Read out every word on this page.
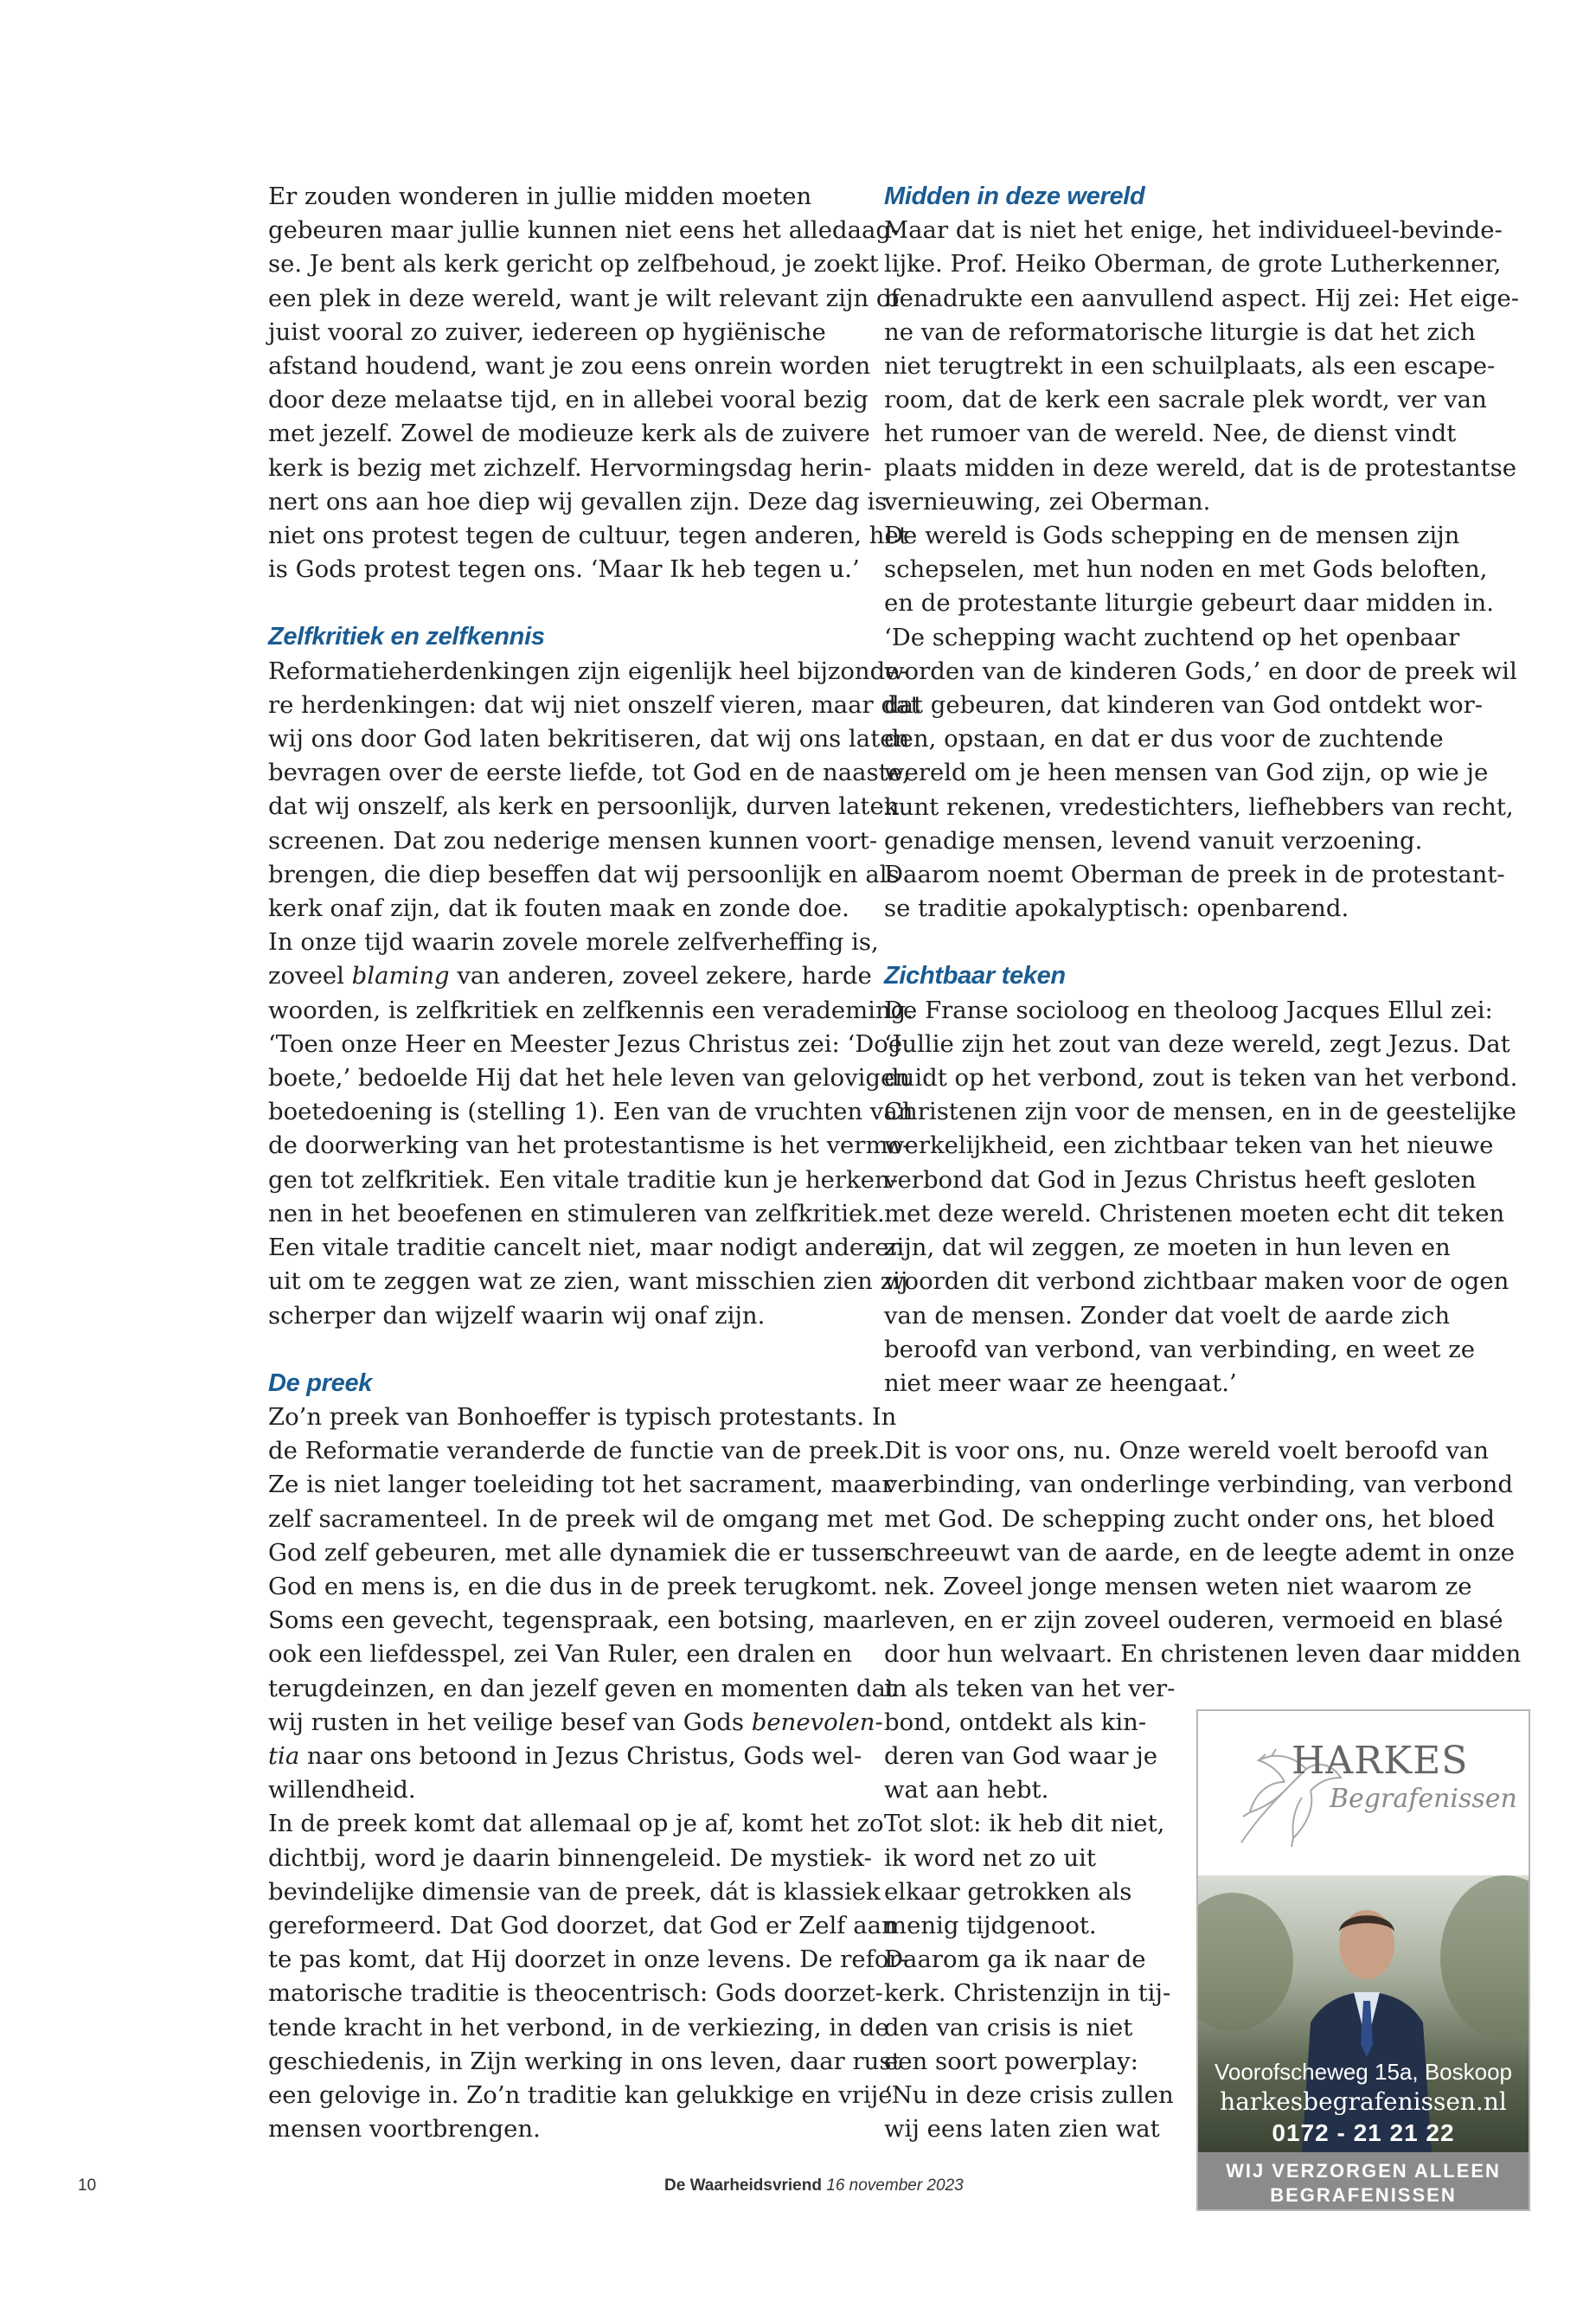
Er zouden wonderen in jullie midden moeten

gebeuren maar jullie kunnen niet eens het alledaag-

se. Je bent als kerk gericht op zelfbehoud, je zoekt

een plek in deze wereld, want je wilt relevant zijn of

juist vooral zo zuiver, iedereen op hygiënische

afstand houdend, want je zou eens onrein worden

door deze melaatse tijd, en in allebei vooral bezig

met jezelf. Zowel de modieuze kerk als de zuivere

kerk is bezig met zichzelf. Hervormingsdag herin-

nert ons aan hoe diep wij gevallen zijn. Deze dag is

niet ons protest tegen de cultuur, tegen anderen, het

is Gods protest tegen ons. ‘Maar Ik heb tegen u.’

Zelfkritiek en zelfkennis

Reformatieherdenkingen zijn eigenlijk heel bijzonde-

re herdenkingen: dat wij niet onszelf vieren, maar dat

wij ons door God laten bekritiseren, dat wij ons laten

bevragen over de eerste liefde, tot God en de naaste,

dat wij onszelf, als kerk en persoonlijk, durven laten

screenen. Dat zou nederige mensen kunnen voort-

brengen, die diep beseffen dat wij persoonlijk en als

kerk onaf zijn, dat ik fouten maak en zonde doe.

In onze tijd waarin zovele morele zelfverheffing is,

zoveel blaming van anderen, zoveel zekere, harde

woorden, is zelfkritiek en zelfkennis een verademing.

‘Toen onze Heer en Meester Jezus Christus zei: ‘Doe

boete,’ bedoelde Hij dat het hele leven van gelovigen

boetedoening is (stelling 1). Een van de vruchten van

de doorwerking van het protestantisme is het vermo-

gen tot zelfkritiek. Een vitale traditie kun je herken-

nen in het beoefenen en stimuleren van zelfkritiek.

Een vitale traditie cancelt niet, maar nodigt anderen

uit om te zeggen wat ze zien, want misschien zien zij

scherper dan wijzelf waarin wij onaf zijn.

De preek

Zo’n preek van Bonhoeffer is typisch protestants. In

de Reformatie veranderde de functie van de preek.

Ze is niet langer toeleiding tot het sacrament, maar

zelf sacramenteel. In de preek wil de omgang met

God zelf gebeuren, met alle dynamiek die er tussen

God en mens is, en die dus in de preek terugkomt.

Soms een gevecht, tegenspraak, een botsing, maar

ook een liefdesspel, zei Van Ruler, een dralen en

terugdeinzen, en dan jezelf geven en momenten dat

wij rusten in het veilige besef van Gods benevolen-

tia naar ons betoond in Jezus Christus, Gods wel-

willendheid.

In de preek komt dat allemaal op je af, komt het zo

dichtbij, word je daarin binnengeleid. De mystiek-

bevindelijke dimensie van de preek, dát is klassiek

gereformeerd. Dat God doorzet, dat God er Zelf aan

te pas komt, dat Hij doorzet in onze levens. De refor-

matorische traditie is theocentrisch: Gods doorzet-

tende kracht in het verbond, in de verkiezing, in de

geschiedenis, in Zijn werking in ons leven, daar rust

een gelovige in. Zo’n traditie kan gelukkige en vrije

mensen voortbrengen.

Midden in deze wereld

Maar dat is niet het enige, het individueel-bevinde-

lijke. Prof. Heiko Oberman, de grote Lutherkenner,

benadrukte een aanvullend aspect. Hij zei: Het eige-

ne van de reformatorische liturgie is dat het zich

niet terugtrekt in een schuilplaats, als een escape-

room, dat de kerk een sacrale plek wordt, ver van

het rumoer van de wereld. Nee, de dienst vindt

plaats midden in deze wereld, dat is de protestantse

vernieuwing, zei Oberman.

De wereld is Gods schepping en de mensen zijn

schepselen, met hun noden en met Gods beloften,

en de protestante liturgie gebeurt daar midden in.

‘De schepping wacht zuchtend op het openbaar

worden van de kinderen Gods,’ en door de preek wil

dat gebeuren, dat kinderen van God ontdekt wor-

den, opstaan, en dat er dus voor de zuchtende

wereld om je heen mensen van God zijn, op wie je

kunt rekenen, vredestichters, liefhebbers van recht,

genadige mensen, levend vanuit verzoening.

Daarom noemt Oberman de preek in de protestant-

se traditie apokalyptisch: openbarend.

Zichtbaar teken

De Franse socioloog en theoloog Jacques Ellul zei:

‘Jullie zijn het zout van deze wereld, zegt Jezus. Dat

duidt op het verbond, zout is teken van het verbond.

Christenen zijn voor de mensen, en in de geestelijke

werkelijkheid, een zichtbaar teken van het nieuwe

verbond dat God in Jezus Christus heeft gesloten

met deze wereld. Christenen moeten echt dit teken

zijn, dat wil zeggen, ze moeten in hun leven en

woorden dit verbond zichtbaar maken voor de ogen

van de mensen. Zonder dat voelt de aarde zich

beroofd van verbond, van verbinding, en weet ze

niet meer waar ze heengaat.’

Dit is voor ons, nu. Onze wereld voelt beroofd van

verbinding, van onderlinge verbinding, van verbond

met God. De schepping zucht onder ons, het bloed

schreeuwt van de aarde, en de leegte ademt in onze

nek. Zoveel jonge mensen weten niet waarom ze

leven, en er zijn zoveel ouderen, vermoeid en blasé

door hun welvaart. En christenen leven daar midden

in als teken van het ver-

bond, ontdekt als kin-

deren van God waar je

wat aan hebt.

Tot slot: ik heb dit niet,

ik word net zo uit

elkaar getrokken als

menig tijdgenoot.

Daarom ga ik naar de

kerk. Christenzijn in tij-

den van crisis is niet

een soort powerplay:

‘Nu in deze crisis zullen

wij eens laten zien wat

HARKES
Begrafenissen
Voorofscheweg 15a, Boskoop
harkesbegrafenissen.nl
0172 - 21 21 22
WIJ VERZORGEN ALLEEN
BEGRAFENISSEN
10	De Waarheidsvriend 16 november 2023
